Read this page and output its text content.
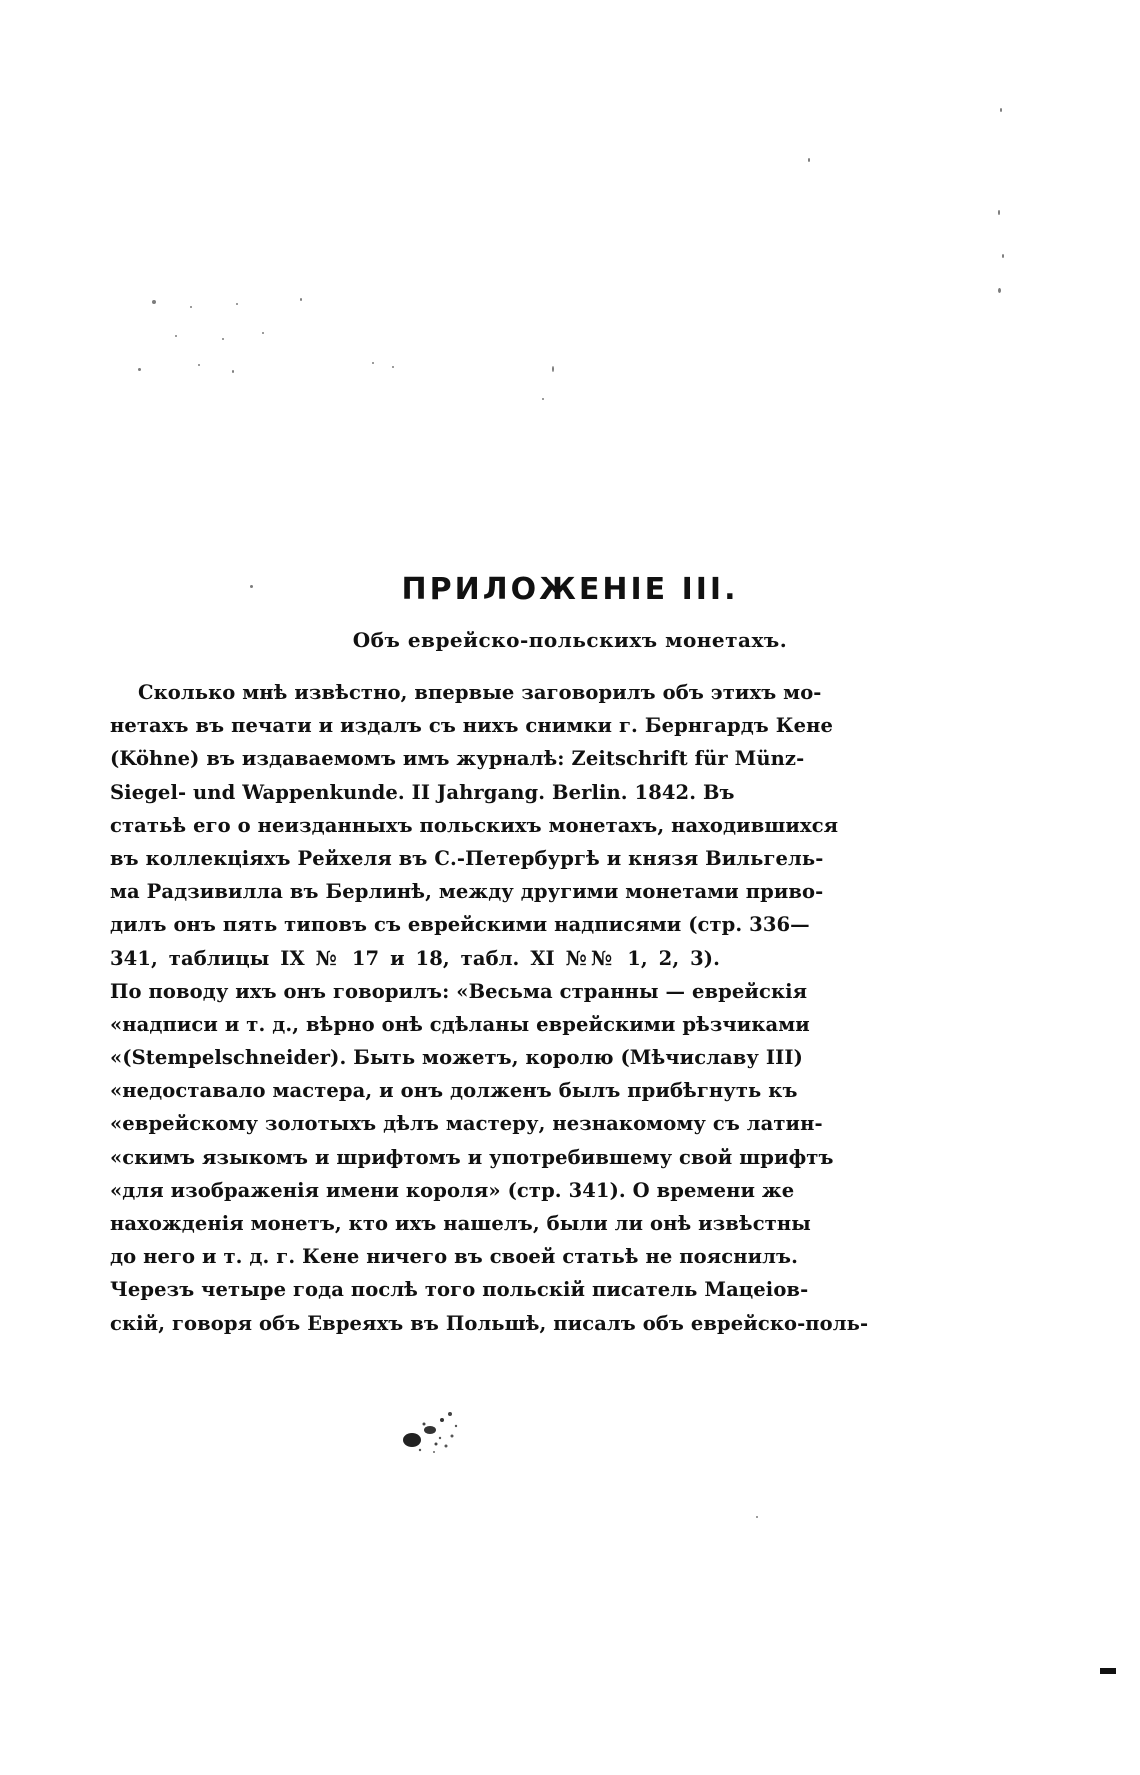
ПРИЛОЖЕНІЕ III.
Объ еврейско-польскихъ монетахъ.
Сколько мнѣ извѣстно, впервые заговорилъ объ этихъ мо-
нетахъ въ печати и издалъ съ нихъ снимки г. Бернгардъ Кене
(Köhne) въ издаваемомъ имъ журналѣ: Zeitschrift für Münz-
Siegel- und Wappenkunde. II Jahrgang. Berlin. 1842. Въ
статьѣ его о неизданныхъ польскихъ монетахъ, находившихся
въ коллекціяхъ Рейхеля въ С.-Петербургѣ и князя Вильгель-
ма Радзивилла въ Берлинѣ, между другими монетами приво-
дилъ онъ пять типовъ съ еврейскими надписями (стр. 336—
341, таблицы IX № 17 и 18, табл. XI №№ 1, 2, 3).
По поводу ихъ онъ говорилъ: «Весьма странны — еврейскія
«надписи и т. д., вѣрно онѣ сдѣланы еврейскими рѣзчиками
«(Stempelschneider). Быть можетъ, королю (Мѣчиславу III)
«недоставало мастера, и онъ долженъ былъ прибѣгнуть къ
«еврейскому золотыхъ дѣлъ мастеру, незнакомому съ латин-
«скимъ языкомъ и шрифтомъ и употребившему свой шрифтъ
«для изображенія имени короля» (стр. 341). О времени же
нахожденія монетъ, кто ихъ нашелъ, были ли онѣ извѣстны
до него и т. д. г. Кене ничего въ своей статьѣ не пояснилъ.
Черезъ четыре года послѣ того польскій писатель Мацеіов-
скій, говоря объ Евреяхъ въ Польшѣ, писалъ объ еврейско-поль-
